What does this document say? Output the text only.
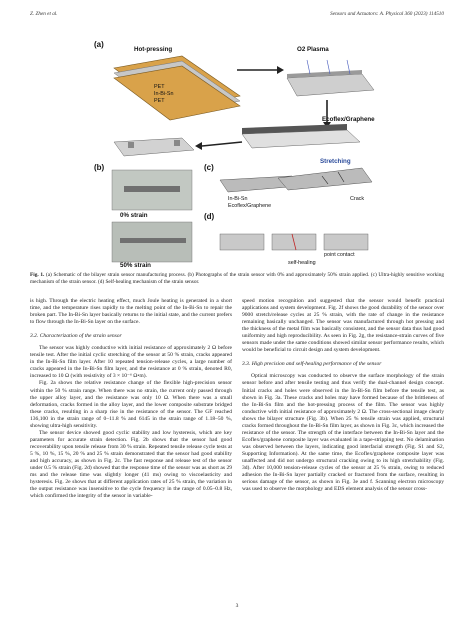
Z. Zhen et al.	Sensors and Actuators: A. Physical 360 (2023) 114510
(a)
(b)	(c)
(d)
Hot-pressing	O2 Plasma
PET
In-Bi-Sn
PET
Ecoflex/Graphene
Stretching
0% strain
50% strain
In-Bi-Sn
Ecoflex/Graphene
Crack
point contact
self-healing
Fig. 1. (a) Schematic of the bilayer strain sensor manufacturing process. (b) Photographs of the strain sensor with 0% and approximately 50% strain applied. (c) Ultra-highly sensitive working mechanism of the strain sensor. (d) Self-healing mechanism of the strain sensor.

is high. Through the electric heating effect, much Joule heating is generated in a short time, and the temperature rises rapidly to the melting point of the In-Bi-Sn to repair the broken part. The In-Bi-Sn layer basically returns to the initial state, and the current prefers to flow through the In-Bi-Sn layer on the surface.

3.2. Characterization of the strain sensor

The sensor was highly conductive with initial resistance of approximately 2 Ω before tensile test. After the initial cyclic stretching of the sensor at 50 % strain, cracks appeared in the In-Bi-Sn film layer. After 10 repeated tension-release cycles, a large number of cracks appeared in the In-Bi-Sn film layer, and the resistance at 0 % strain, denoted R0, increased to 10 Ω (with resistivity of 3 × 10⁻⁶ Ω•m).

Fig. 2a shows the relative resistance change of the flexible high-precision sensor within the 50 % strain range. When there was no strain, the current only passed through the upper alloy layer, and the resistance was only 10 Ω. When there was a small deformation, cracks formed in the alloy layer, and the lower composite substrate bridged these cracks, resulting in a sharp rise in the resistance of the sensor. The GF reached 136,100 in the strain range of 0–11.8 % and 6145 in the strain range of 1.18–50 %, showing ultra-high sensitivity.

The sensor device showed good cyclic stability and low hysteresis, which are key parameters for accurate strain detection. Fig. 2b shows that the sensor had good recoverability upon tensile release from 30 % strain. Repeated tensile release cycle tests at 5 %, 10 %, 15 %, 20 % and 25 % strain demonstrated that the sensor had good stability and high accuracy, as shown in Fig. 2c. The fast response and release test of the sensor under 0.5 % strain (Fig. 2d) showed that the response time of the sensor was as short as 29 ms and the release time was slightly longer (41 ms) owing to viscoelasticity and hysteresis. Fig. 2e shows that at different application rates of 25 % strain, the variation in the output resistance was insensitive to the cycle frequency in the range of 0.05–0.8 Hz, which confirmed the integrity of the sensor in variable-

speed motion recognition and suggested that the sensor would benefit practical applications and system development. Fig. 2f shows the good durability of the sensor over 9000 stretch/release cycles at 25 % strain, with the rate of change in the resistance remaining basically unchanged. The sensor was manufactured through hot pressing and the thickness of the metal film was basically consistent, and the sensor data thus had good uniformity and high reproducibility. As seen in Fig. 2g, the resistance-strain curves of five sensors made under the same conditions showed similar sensor performance results, which would be beneficial to circuit design and system development.

3.3. High precision and self-healing performance of the sensor

Optical microscopy was conducted to observe the surface morphology of the strain sensor before and after tensile testing and thus verify the dual-channel design concept. Initial cracks and holes were observed in the In-Bi-Sn film before the tensile test, as shown in Fig. 3a. These cracks and holes may have formed because of the brittleness of the In-Bi-Sn film and the hot-pressing process of the film. The sensor was highly conductive with initial resistance of approximately 2 Ω. The cross-sectional image clearly shows the bilayer structure (Fig. 3b). When 25 % tensile strain was applied, structural cracks formed throughout the In-Bi-Sn film layer, as shown in Fig. 3c, which increased the resistance of the sensor. The strength of the interface between the In-Bi-Sn layer and the Ecoflex/graphene composite layer was evaluated in a tape-stripping test. No delamination was observed between the layers, indicating good interfacial strength (Fig. S1 and S2, Supporting Information). At the same time, the Ecoflex/graphene composite layer was unaffected and did not undergo structural cracking owing to its high stretchability (Fig. 3d). After 10,000 tension-release cycles of the sensor at 25 % strain, owing to reduced adhesion the In-Bi-Sn layer partially cracked or fractured from the surface, resulting in serious damage of the sensor, as shown in Fig. 3e and f. Scanning electron microscopy was used to observe the morphology and EDS element analysis of the sensor cross-

3
